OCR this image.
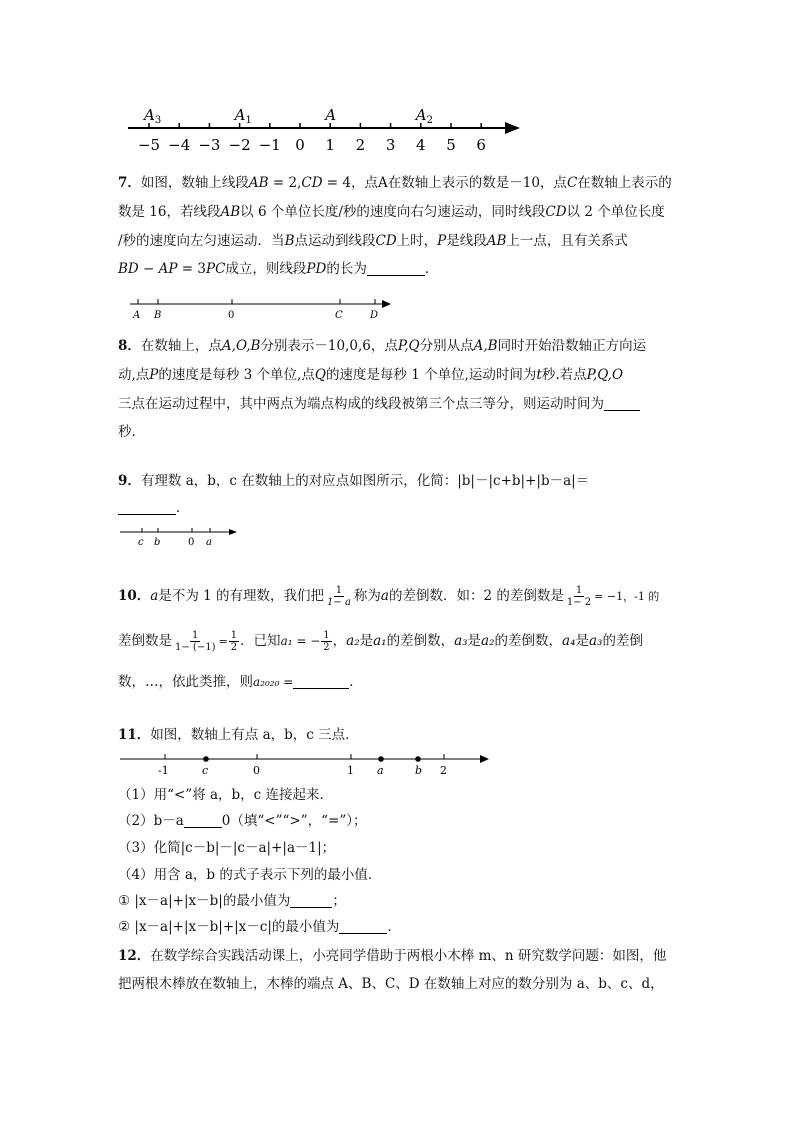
−5 −4 −3 −2 −1 0 1 2 3 4 5 6
$A_3$	$A_1$	A	$A_2$
7．如图，数轴上线段AB = 2,CD = 4，点A在数轴上表示的数是－10，点C在数轴上表示的
数是 16，若线段AB以 6 个单位长度/秒的速度向右匀速运动，同时线段CD以 2 个单位长度
/秒的速度向左匀速运动．当B点运动到线段CD上时，P是线段AB上一点，且有关系式
BD − AP = 3PC成立，则线段PD的长为	．
A B	0	C	D
8．在数轴上，点A,O,B分别表示－10,0,6，点P,Q分别从点A,B同时开始沿数轴正方向运
动,点P的速度是每秒 3 个单位,点Q的速度是每秒 1 个单位,运动时间为t秒.若点P,Q,O
三点在运动过程中，其中两点为端点构成的线段被第三个点三等分，则运动时间为
秒.
9．有理数 a，b，c 在数轴上的对应点如图所示，化简：|b|－|c+b|+|b－a|＝
．
c b	0 a
10．a是不为 1 的有理数，我们把 $\frac{1}{1- a}$ 称为a的差倒数．如：2 的差倒数是 $\frac{1}{1- 2} = -1$，-1 的
差倒数是 $\frac{1}{1- (-1)} = \frac{1}{2}$ ．已知a₁ = − $\frac{1}{2}$ ，a₂是a₁的差倒数，a₃是a₂的差倒数，a₄是a₃的差倒
数，…，依此类推，则a₂₀₂₀ =	．
11．如图，数轴上有点 a，b，c 三点．
-1	c	0	1 a	b 2
（1）用“<”将 a，b，c 连接起来．
（2）b－a	0（填“<”“>”，“=”）；
（3）化简|c－b|－|c－a|+|a－1|；
（4）用含 a，b 的式子表示下列的最小值．
① |x－a|+|x－b|的最小值为	；
② |x－a|+|x－b|+|x－c|的最小值为	．
12．在数学综合实践活动课上，小亮同学借助于两根小木棒 m、n 研究数学问题：如图，他
把两根木棒放在数轴上，木棒的端点 A、B、C、D 在数轴上对应的数分别为 a、b、c、d，
